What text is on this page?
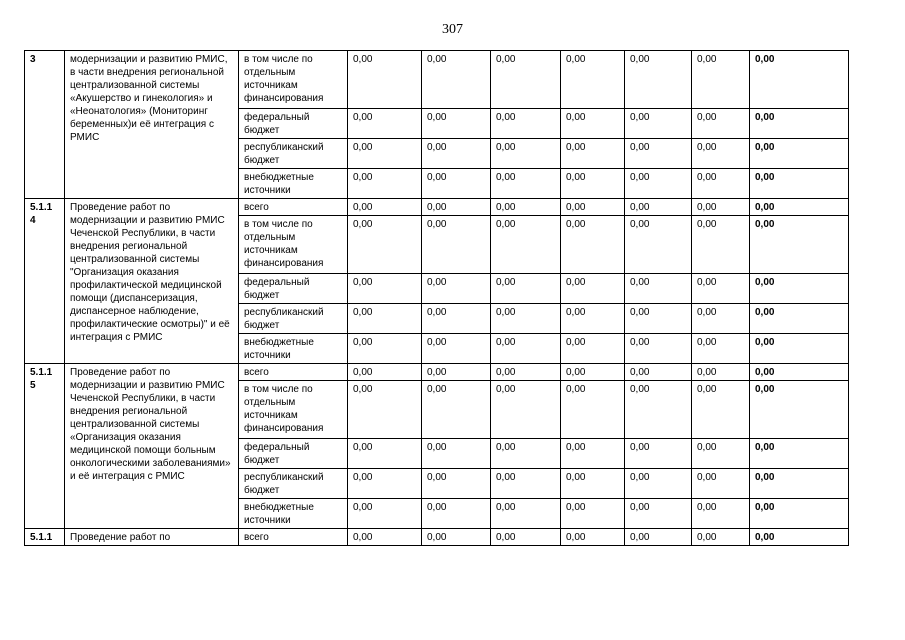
307
3	модернизации и развитию РМИС, в части внедрения региональной централизованной системы «Акушерство и гинекология» и «Неонатология» (Мониторинг беременных)и её интеграция с РМИС	в том числе по отдельным источникам финансирования	0,00	0,00	0,00	0,00	0,00	0,00	0,00
		федеральный бюджет	0,00	0,00	0,00	0,00	0,00	0,00	0,00
		республиканский бюджет	0,00	0,00	0,00	0,00	0,00	0,00	0,00
		внебюджетные источники	0,00	0,00	0,00	0,00	0,00	0,00	0,00
5.1.1 4	Проведение работ по модернизации и развитию РМИС Чеченской Республики, в части внедрения региональной централизованной системы "Организация оказания профилактической медицинской помощи (диспансеризация, диспансерное наблюдение, профилактические осмотры)" и её интеграция с РМИС	всего	0,00	0,00	0,00	0,00	0,00	0,00	0,00
		в том числе по отдельным источникам финансирования	0,00	0,00	0,00	0,00	0,00	0,00	0,00
		федеральный бюджет	0,00	0,00	0,00	0,00	0,00	0,00	0,00
		республиканский бюджет	0,00	0,00	0,00	0,00	0,00	0,00	0,00
		внебюджетные источники	0,00	0,00	0,00	0,00	0,00	0,00	0,00
5.1.1 5	Проведение работ по модернизации и развитию РМИС Чеченской Республики, в части внедрения региональной централизованной системы «Организация оказания медицинской помощи больным онкологическими заболеваниями» и её интеграция с РМИС	всего	0,00	0,00	0,00	0,00	0,00	0,00	0,00
		в том числе по отдельным источникам финансирования	0,00	0,00	0,00	0,00	0,00	0,00	0,00
		федеральный бюджет	0,00	0,00	0,00	0,00	0,00	0,00	0,00
		республиканский бюджет	0,00	0,00	0,00	0,00	0,00	0,00	0,00
		внебюджетные источники	0,00	0,00	0,00	0,00	0,00	0,00	0,00
5.1.1	Проведение работ по	всего	0,00	0,00	0,00	0,00	0,00	0,00	0,00
